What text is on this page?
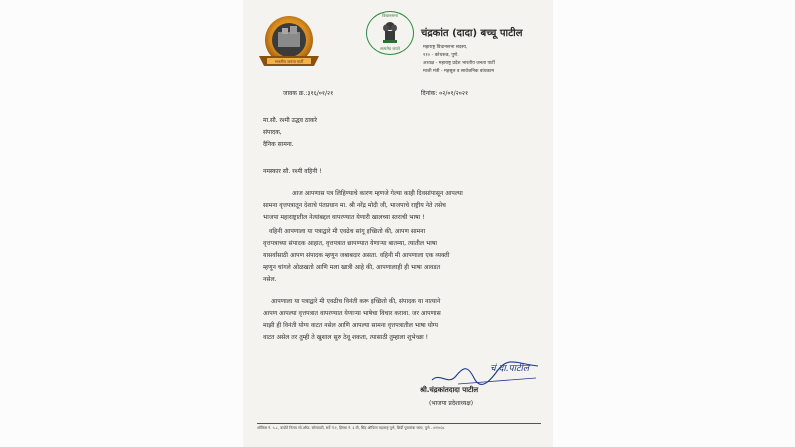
भारतीय जनता पार्टी
विधानसभा
सत्यमेव जयते
चंद्रकांत (दादा) बच्चू पाटील
महाराष्ट्र विधानसभा सदस्य,
११० - कोथरूड, पुणे.
अध्यक्ष - महाराष्ट्र प्रदेश भारतीय जनता पार्टी
माजी मंत्री - महसूल व सार्वजनिक बांधकाम
जावक क्र.:३१६/०१/२१	दिनांक: ०२/०१/२०२१
मा.सौ. रश्मी उद्धव ठाकरे
संपादक,
दैनिक सामना.
नमस्कार सौ. रश्मी वहिनी !
आज आपणास पत्र लिहिण्याचे कारण म्हणजे गेल्या काही दिवसांपासून आपल्या
सामना वृत्तपत्रातून देशाचे पंतप्रधान मा. श्री नरेंद्र मोदी जी, भाजपाचे राष्ट्रीय नेते तसेच
भाजपा महाराष्ट्रातील नेत्यांबद्दल वापरण्यात येणारी खालच्या स्तराची भाषा !
वहिनी आपणाला या पत्राद्वारे मी एवढेच सांगू इच्छितो की, आपण सामना
वृत्तपत्राच्या संपादक आहात, वृत्तपत्रात छापण्यात येणाऱ्या बातम्या, त्यातील भाषा
यासर्वांसाठी आपण संपादक म्हणून जबाबदार असता. वहिनी मी आपणाला एक व्यक्ती
म्हणून चांगले ओळखतो आणि मला खात्री आहे की, आपणालाही ही भाषा आवडत
नसेल.
आपणाला या पत्राद्वारे मी एवढीच विनंती करू इच्छितो की, संपादक या नात्याने
आपण आपल्या वृत्तपत्रात वापरण्यात येणाऱ्या भाषेचा विचार करावा. जर आपणास
माझी ही विनंती योग्य वाटत नसेल आणि आपल्या सामना वृत्तपत्रातील भाषा योग्य
वाटत असेल तर तुम्ही ते खुशाल सुरु ठेवू शकता, त्यासाठी तुम्हाला शुभेच्छा !
चं.दा.पाटील
श्री.चंद्रकांतदादा पाटील
(भाजपा प्रदेशाध्यक्ष)
ऑफिस नं. ५-८, कपोते निलय सो.ऑफ. सोसायटी, सर्वे नं.१, हिस्सा नं. ६ बी, सिंह ऑफिस महाराष्ट्र पुणे, शिर्डी पुणतांबा रस्ता, पुणे - ४११०३८
